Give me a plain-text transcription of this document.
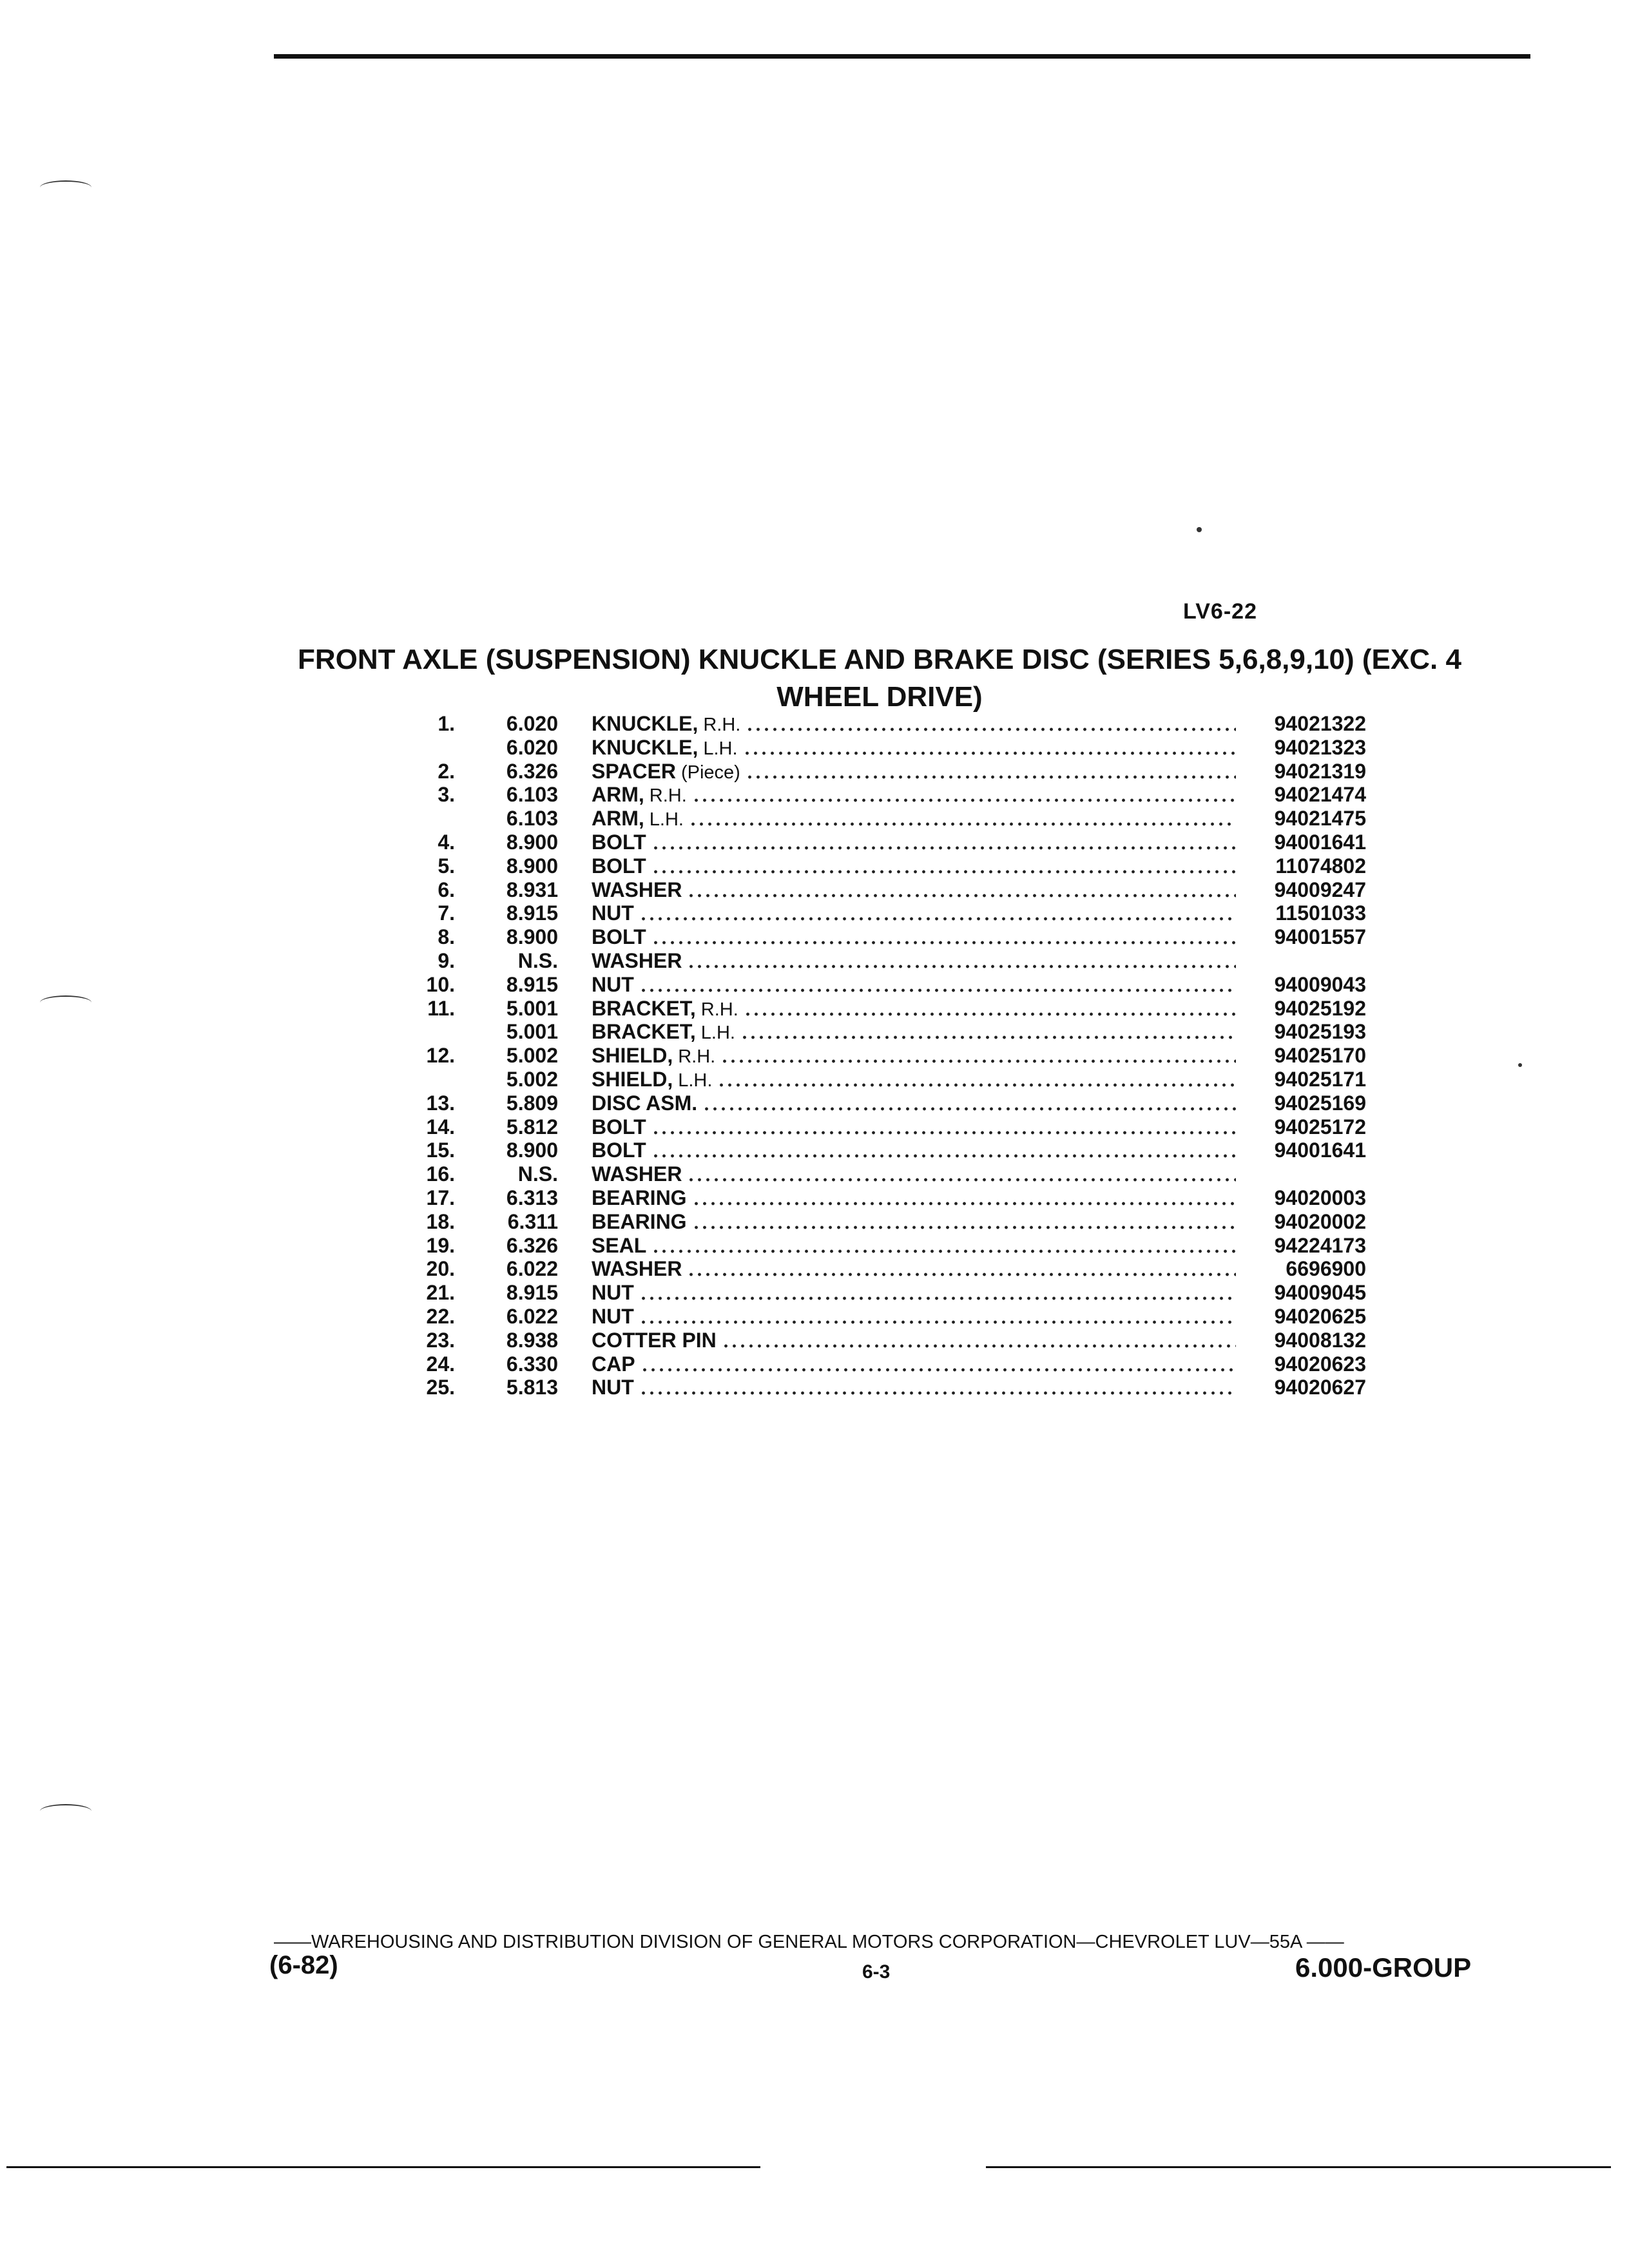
LV6-22
FRONT AXLE (SUSPENSION) KNUCKLE AND BRAKE DISC (SERIES 5,6,8,9,10) (EXC. 4 WHEEL DRIVE)
1.	6.020 KNUCKLE, R.H.	94021322
6.020 KNUCKLE, L.H.	94021323
2.	6.326 SPACER (Piece)	94021319
3.	6.103 ARM, R.H.	94021474
6.103 ARM, L.H.	94021475
4.	8.900 BOLT	94001641
5.	8.900 BOLT	11074802
6.	8.931 WASHER	94009247
7.	8.915 NUT	11501033
8.	8.900 BOLT	94001557
9.	N.S. WASHER
10.	8.915 NUT	94009043
11.	5.001 BRACKET, R.H.	94025192
5.001 BRACKET, L.H.	94025193
12.	5.002 SHIELD, R.H.	94025170
5.002 SHIELD, L.H.	94025171
13.	5.809 DISC ASM.	94025169
14.	5.812 BOLT	94025172
15.	8.900 BOLT	94001641
16.	N.S. WASHER
17.	6.313 BEARING	94020003
18.	6.311 BEARING	94020002
19.	6.326 SEAL	94224173
20.	6.022 WASHER	6696900
21.	8.915 NUT	94009045
22.	6.022 NUT	94020625
23.	8.938 COTTER PIN	94008132
24.	6.330 CAP	94020623
25.	5.813 NUT	94020627
——WAREHOUSING AND DISTRIBUTION DIVISION OF GENERAL MOTORS CORPORATION—CHEVROLET LUV—55A ——
(6-82)	6-3	6.000-GROUP
